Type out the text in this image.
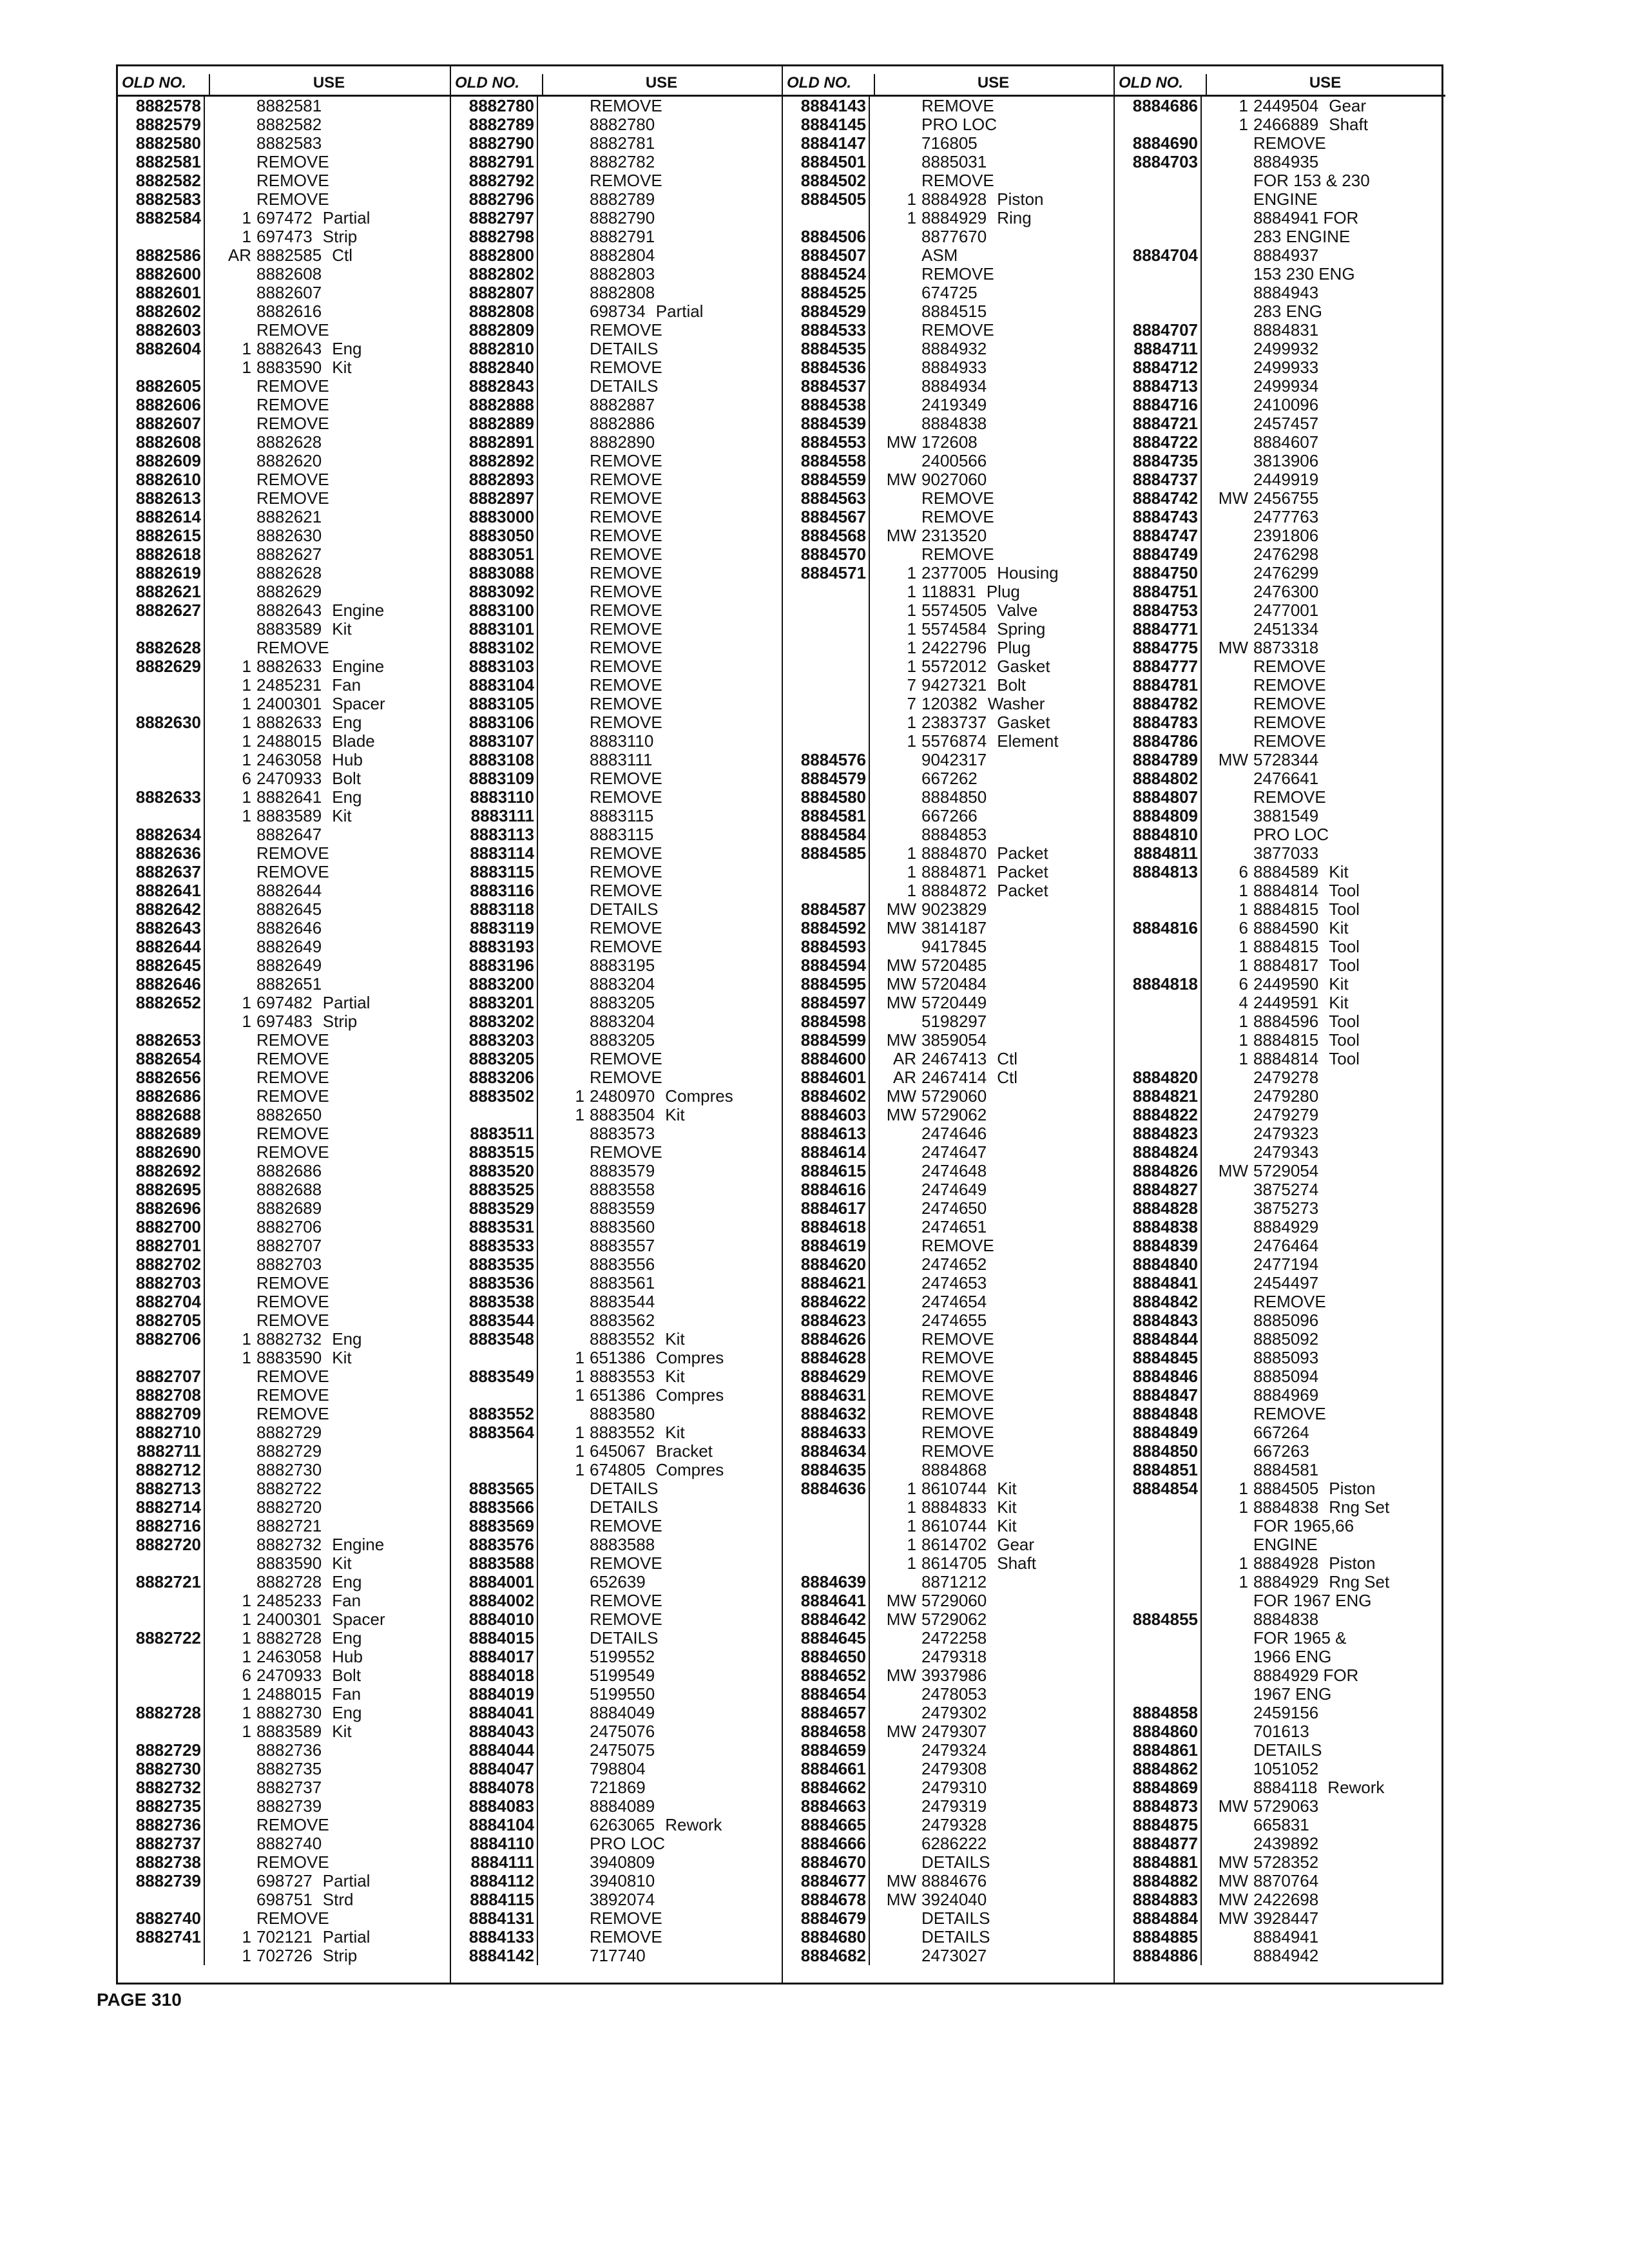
OLD NO.	USE
8882578	8882581
8882579	8882582
8882580	8882583
8882581	REMOVE
8882582	REMOVE
8882583	REMOVE
8882584	1 697472 Partial
1 697473 Strip
8882586	AR 8882585 Ctl
8882600	8882608
8882601	8882607
8882602	8882616
8882603	REMOVE
8882604	1 8882643 Eng
1 8883590 Kit
8882605	REMOVE
8882606	REMOVE
8882607	REMOVE
8882608	8882628
8882609	8882620
8882610	REMOVE
8882613	REMOVE
8882614	8882621
8882615	8882630
8882618	8882627
8882619	8882628
8882621	8882629
8882627	8882643 Engine
8883589 Kit
8882628	REMOVE
8882629	1 8882633 Engine
1 2485231 Fan
1 2400301 Spacer
8882630	1 8882633 Eng
1 2488015 Blade
1 2463058 Hub
6 2470933 Bolt
8882633	1 8882641 Eng
1 8883589 Kit
8882634	8882647
8882636	REMOVE
8882637	REMOVE
8882641	8882644
8882642	8882645
8882643	8882646
8882644	8882649
8882645	8882649
8882646	8882651
8882652	1 697482 Partial
1 697483 Strip
8882653	REMOVE
8882654	REMOVE
8882656	REMOVE
8882686	REMOVE
8882688	8882650
8882689	REMOVE
8882690	REMOVE
8882692	8882686
8882695	8882688
8882696	8882689
8882700	8882706
8882701	8882707
8882702	8882703
8882703	REMOVE
8882704	REMOVE
8882705	REMOVE
8882706	1 8882732 Eng
1 8883590 Kit
8882707	REMOVE
8882708	REMOVE
8882709	REMOVE
8882710	8882729
8882711	8882729
8882712	8882730
8882713	8882722
8882714	8882720
8882716	8882721
8882720	8882732 Engine
8883590 Kit
8882721	8882728 Eng
1 2485233 Fan
1 2400301 Spacer
8882722	1 8882728 Eng
1 2463058 Hub
6 2470933 Bolt
1 2488015 Fan
8882728	1 8882730 Eng
1 8883589 Kit
8882729	8882736
8882730	8882735
8882732	8882737
8882735	8882739
8882736	REMOVE
8882737	8882740
8882738	REMOVE
8882739	698727 Partial
698751 Strd
8882740	REMOVE
8882741	1 702121 Partial
1 702726 Strip
OLD NO.	USE
8882780	REMOVE
8882789	8882780
8882790	8882781
8882791	8882782
8882792	REMOVE
8882796	8882789
8882797	8882790
8882798	8882791
8882800	8882804
8882802	8882803
8882807	8882808
8882808	698734 Partial
8882809	REMOVE
8882810	DETAILS
8882840	REMOVE
8882843	DETAILS
8882888	8882887
8882889	8882886
8882891	8882890
8882892	REMOVE
8882893	REMOVE
8882897	REMOVE
8883000	REMOVE
8883050	REMOVE
8883051	REMOVE
8883088	REMOVE
8883092	REMOVE
8883100	REMOVE
8883101	REMOVE
8883102	REMOVE
8883103	REMOVE
8883104	REMOVE
8883105	REMOVE
8883106	REMOVE
8883107	8883110
8883108	8883111
8883109	REMOVE
8883110	REMOVE
8883111	8883115
8883113	8883115
8883114	REMOVE
8883115	REMOVE
8883116	REMOVE
8883118	DETAILS
8883119	REMOVE
8883193	REMOVE
8883196	8883195
8883200	8883204
8883201	8883205
8883202	8883204
8883203	8883205
8883205	REMOVE
8883206	REMOVE
8883502	1 2480970 Compres
1 8883504 Kit
8883511	8883573
8883515	REMOVE
8883520	8883579
8883525	8883558
8883529	8883559
8883531	8883560
8883533	8883557
8883535	8883556
8883536	8883561
8883538	8883544
8883544	8883562
8883548	8883552 Kit
1 651386 Compres
8883549	1 8883553 Kit
1 651386 Compres
8883552	8883580
8883564	1 8883552 Kit
1 645067 Bracket
1 674805 Compres
8883565	DETAILS
8883566	DETAILS
8883569	REMOVE
8883576	8883588
8883588	REMOVE
8884001	652639
8884002	REMOVE
8884010	REMOVE
8884015	DETAILS
8884017	5199552
8884018	5199549
8884019	5199550
8884041	8884049
8884043	2475076
8884044	2475075
8884047	798804
8884078	721869
8884083	8884089
8884104	6263065 Rework
8884110	PRO LOC
8884111	3940809
8884112	3940810
8884115	3892074
8884131	REMOVE
8884133	REMOVE
8884142	717740
OLD NO.	USE
8884143	REMOVE
8884145	PRO LOC
8884147	716805
8884501	8885031
8884502	REMOVE
8884505	1 8884928 Piston
1 8884929 Ring
8884506	8877670
8884507	ASM
8884524	REMOVE
8884525	674725
8884529	8884515
8884533	REMOVE
8884535	8884932
8884536	8884933
8884537	8884934
8884538	2419349
8884539	8884838
8884553	MW 172608
8884558	2400566
8884559	MW 9027060
8884563	REMOVE
8884567	REMOVE
8884568	MW 2313520
8884570	REMOVE
8884571	1 2377005 Housing
1 118831 Plug
1 5574505 Valve
1 5574584 Spring
1 2422796 Plug
1 5572012 Gasket
7 9427321 Bolt
7 120382 Washer
1 2383737 Gasket
1 5576874 Element
8884576	9042317
8884579	667262
8884580	8884850
8884581	667266
8884584	8884853
8884585	1 8884870 Packet
1 8884871 Packet
1 8884872 Packet
8884587	MW 9023829
8884592	MW 3814187
8884593	9417845
8884594	MW 5720485
8884595	MW 5720484
8884597	MW 5720449
8884598	5198297
8884599	MW 3859054
8884600	AR 2467413 Ctl
8884601	AR 2467414 Ctl
8884602	MW 5729060
8884603	MW 5729062
8884613	2474646
8884614	2474647
8884615	2474648
8884616	2474649
8884617	2474650
8884618	2474651
8884619	REMOVE
8884620	2474652
8884621	2474653
8884622	2474654
8884623	2474655
8884626	REMOVE
8884628	REMOVE
8884629	REMOVE
8884631	REMOVE
8884632	REMOVE
8884633	REMOVE
8884634	REMOVE
8884635	8884868
8884636	1 8610744 Kit
1 8884833 Kit
1 8610744 Kit
1 8614702 Gear
1 8614705 Shaft
8884639	8871212
8884641	MW 5729060
8884642	MW 5729062
8884645	2472258
8884650	2479318
8884652	MW 3937986
8884654	2478053
8884657	2479302
8884658	MW 2479307
8884659	2479324
8884661	2479308
8884662	2479310
8884663	2479319
8884665	2479328
8884666	6286222
8884670	DETAILS
8884677	MW 8884676
8884678	MW 3924040
8884679	DETAILS
8884680	DETAILS
8884682	2473027
OLD NO.	USE
8884686	1 2449504 Gear
1 2466889 Shaft
8884690	REMOVE
8884703	8884935
FOR 153 & 230
ENGINE
8884941 FOR
283 ENGINE
8884704	8884937
153 230 ENG
8884943
283 ENG
8884707	8884831
8884711	2499932
8884712	2499933
8884713	2499934
8884716	2410096
8884721	2457457
8884722	8884607
8884735	3813906
8884737	2449919
8884742	MW 2456755
8884743	2477763
8884747	2391806
8884749	2476298
8884750	2476299
8884751	2476300
8884753	2477001
8884771	2451334
8884775	MW 8873318
8884777	REMOVE
8884781	REMOVE
8884782	REMOVE
8884783	REMOVE
8884786	REMOVE
8884789	MW 5728344
8884802	2476641
8884807	REMOVE
8884809	3881549
8884810	PRO LOC
8884811	3877033
8884813	6 8884589 Kit
1 8884814 Tool
1 8884815 Tool
8884816	6 8884590 Kit
1 8884815 Tool
1 8884817 Tool
8884818	6 2449590 Kit
4 2449591 Kit
1 8884596 Tool
1 8884815 Tool
1 8884814 Tool
8884820	2479278
8884821	2479280
8884822	2479279
8884823	2479323
8884824	2479343
8884826	MW 5729054
8884827	3875274
8884828	3875273
8884838	8884929
8884839	2476464
8884840	2477194
8884841	2454497
8884842	REMOVE
8884843	8885096
8884844	8885092
8884845	8885093
8884846	8885094
8884847	8884969
8884848	REMOVE
8884849	667264
8884850	667263
8884851	8884581
8884854	1 8884505 Piston
1 8884838 Rng Set
FOR 1965,66
ENGINE
1 8884928 Piston
1 8884929 Rng Set
FOR 1967 ENG
8884855	8884838
FOR 1965 &
1966 ENG
8884929 FOR
1967 ENG
8884858	2459156
8884860	701613
8884861	DETAILS
8884862	1051052
8884869	8884118 Rework
8884873	MW 5729063
8884875	665831
8884877	2439892
8884881	MW 5728352
8884882	MW 8870764
8884883	MW 2422698
8884884	MW 3928447
8884885	8884941
8884886	8884942
PAGE 310
